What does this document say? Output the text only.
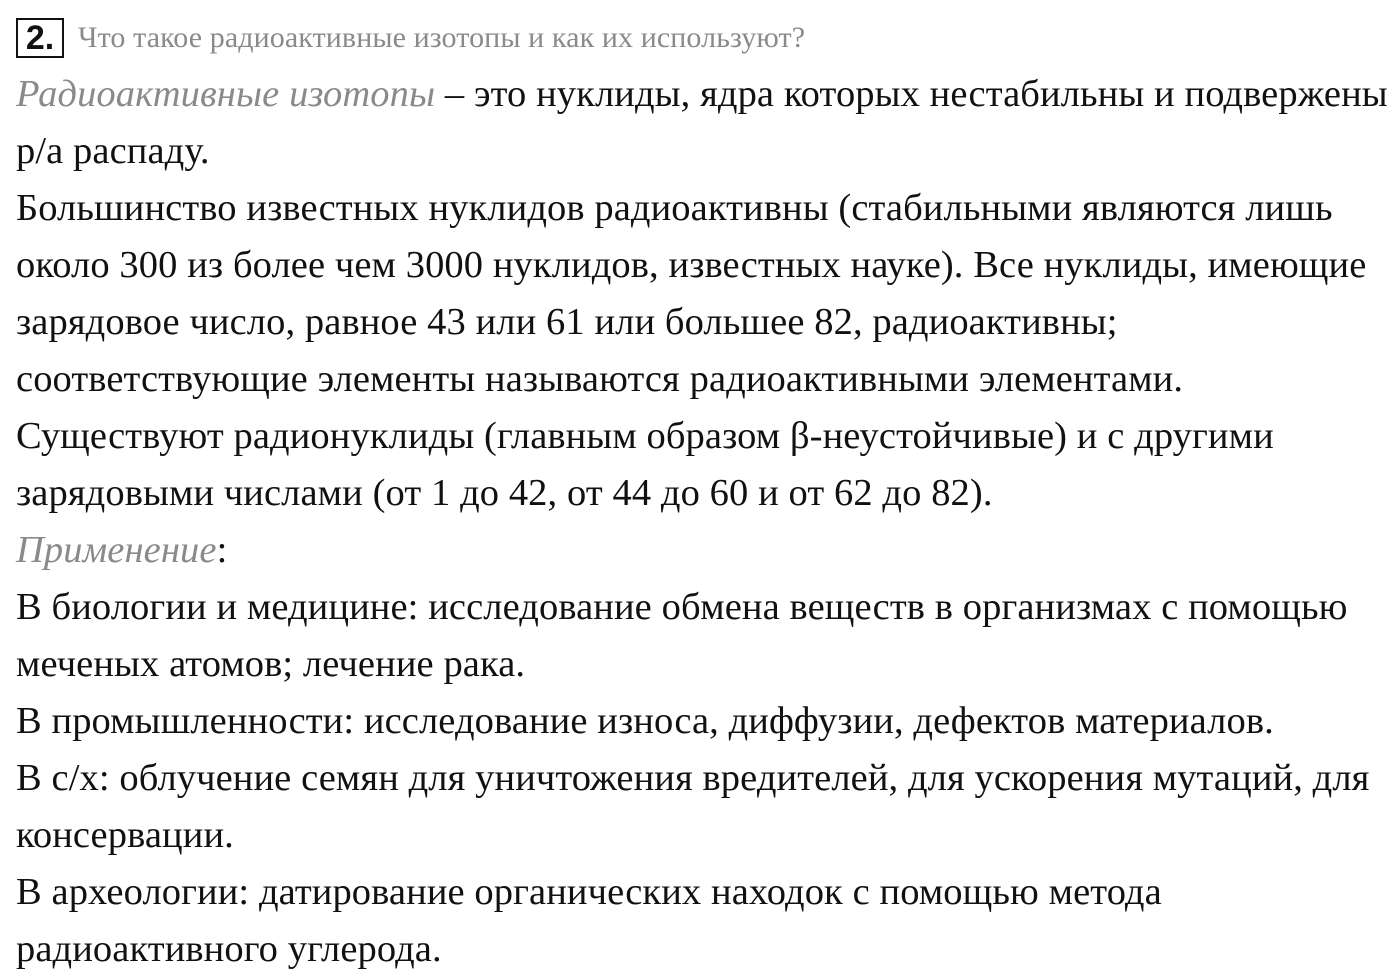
2. Что такое радиоактивные изотопы и как их используют?

Радиоактивные изотопы – это нуклиды, ядра которых нестабильны и подвержены р/а распаду.

Большинство известных нуклидов радиоактивны (стабильными являются лишь около 300 из более чем 3000 нуклидов, известных науке). Все нуклиды, имеющие зарядовое число, равное 43 или 61 или большее 82, радиоактивны; соответствующие элементы называются радиоактивными элементами.

Существуют радионуклиды (главным образом β-неустойчивые) и с другими зарядовыми числами (от 1 до 42, от 44 до 60 и от 62 до 82).

Применение:

В биологии и медицине: исследование обмена веществ в организмах с помощью меченых атомов; лечение рака.

В промышленности: исследование износа, диффузии, дефектов материалов.

В с/х: облучение семян для уничтожения вредителей, для ускорения мутаций, для консервации.

В археологии: датирование органических находок с помощью метода радиоактивного углерода.
